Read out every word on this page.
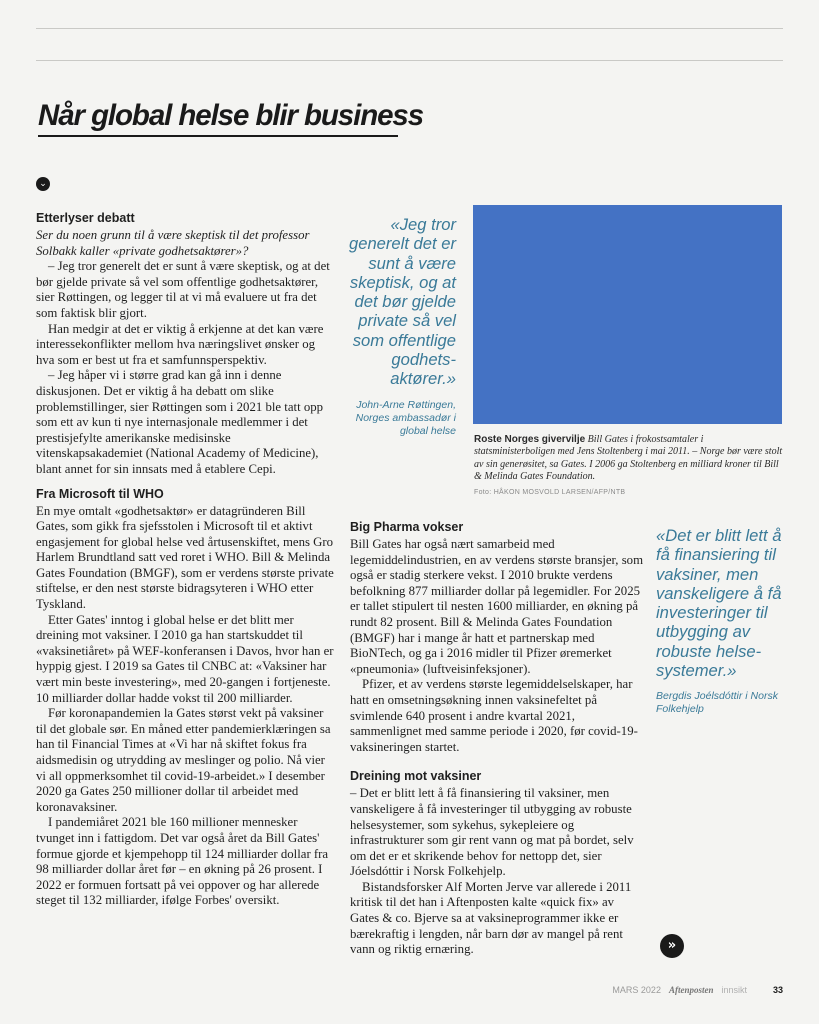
Når global helse blir business
⌄
Etterlyser debatt

Ser du noen grunn til å være skeptisk til det professor Solbakk kaller «private godhetsaktører»?

– Jeg tror generelt det er sunt å være skeptisk, og at det bør gjelde private så vel som offentlige godhetsaktører, sier Røttingen, og legger til at vi må evaluere ut fra det som faktisk blir gjort.

Han medgir at det er viktig å erkjenne at det kan være interessekonflikter mellom hva næringslivet ønsker og hva som er best ut fra et samfunnsperspektiv.

– Jeg håper vi i større grad kan gå inn i denne diskusjonen. Det er viktig å ha debatt om slike problemstillinger, sier Røttingen som i 2021 ble tatt opp som ett av kun ti nye internasjonale medlemmer i det prestisjefylte amerikanske medisinske vitenskapsakademiet (National Academy of Medicine), blant annet for sin innsats med å etablere Cepi.

Fra Microsoft til WHO

En mye omtalt «godhetsaktør» er datagründeren Bill Gates, som gikk fra sjefsstolen i Microsoft til et aktivt engasjement for global helse ved årtusenskiftet, mens Gro Harlem Brundtland satt ved roret i WHO. Bill & Melinda Gates Foundation (BMGF), som er verdens største private stiftelse, er den nest største bidragsyteren i WHO etter Tyskland.

Etter Gates' inntog i global helse er det blitt mer dreining mot vaksiner. I 2010 ga han startskuddet til «vaksinetiåret» på WEF-konferansen i Davos, hvor han er hyppig gjest. I 2019 sa Gates til CNBC at: «Vaksiner har vært min beste investering», med 20-gangen i fortjeneste. 10 milliarder dollar hadde vokst til 200 milliarder.

Før koronapandemien la Gates størst vekt på vaksiner til det globale sør. En måned etter pandemierklæringen sa han til Financial Times at «Vi har nå skiftet fokus fra aidsmedisin og utrydding av meslinger og polio. Nå vier vi all oppmerksomhet til covid-19-arbeidet.» I desember 2020 ga Gates 250 millioner dollar til arbeidet med koronavaksiner.

I pandemiåret 2021 ble 160 millioner mennesker tvunget inn i fattigdom. Det var også året da Bill Gates' formue gjorde et kjempehopp til 124 milliarder dollar fra 98 milliarder dollar året før – en økning på 26 prosent. I 2022 er formuen fortsatt på vei oppover og har allerede steget til 132 milliarder, ifølge Forbes' oversikt.

«Jeg tror generelt det er sunt å være skeptisk, og at det bør gjelde private så vel som offentlige godhetsaktører.»
John-Arne Røttingen, Norges ambassadør i global helse
Roste Norges givervilje Bill Gates i frokostsamtaler i statsministerboligen med Jens Stoltenberg i mai 2011. – Norge bør være stolt av sin generøsitet, sa Gates. I 2006 ga Stoltenberg en milliard kroner til Bill & Melinda Gates Foundation.
Foto: HÅKON MOSVOLD LARSEN/AFP/NTB
Big Pharma vokser

Bill Gates har også nært samarbeid med legemiddelindustrien, en av verdens største bransjer, som også er stadig sterkere vekst. I 2010 brukte verdens befolkning 877 milliarder dollar på legemidler. For 2025 er tallet stipulert til nesten 1600 milliarder, en økning på rundt 82 prosent. Bill & Melinda Gates Foundation (BMGF) har i mange år hatt et partnerskap med BioNTech, og ga i 2016 midler til Pfizer øremerket «pneumonia» (luftveisinfeksjoner).

Pfizer, et av verdens største legemiddelselskaper, har hatt en omsetningsøkning innen vaksinefeltet på svimlende 640 prosent i andre kvartal 2021, sammenlignet med samme periode i 2020, før covid-19-vaksineringen startet.

Dreining mot vaksiner

– Det er blitt lett å få finansiering til vaksiner, men vanskeligere å få investeringer til utbygging av robuste helsesystemer, som sykehus, sykepleiere og infrastrukturer som gir rent vann og mat på bordet, selv om det er et skrikende behov for nettopp det, sier Jóelsdóttir i Norsk Folkehjelp.

Bistandsforsker Alf Morten Jerve var allerede i 2011 kritisk til det han i Aftenposten kalte «quick fix» av Gates & co. Bjerve sa at vaksineprogrammer ikke er bærekraftig i lengden, når barn dør av mangel på rent vann og riktig ernæring.

«Det er blitt lett å få finansiering til vaksiner, men vanskeligere å få investeringer til utbygging av robuste helsesystemer.»
Bergdis Joélsdóttir i Norsk Folkehjelp
»
MARS 2022 Aftenposten innsikt	33
